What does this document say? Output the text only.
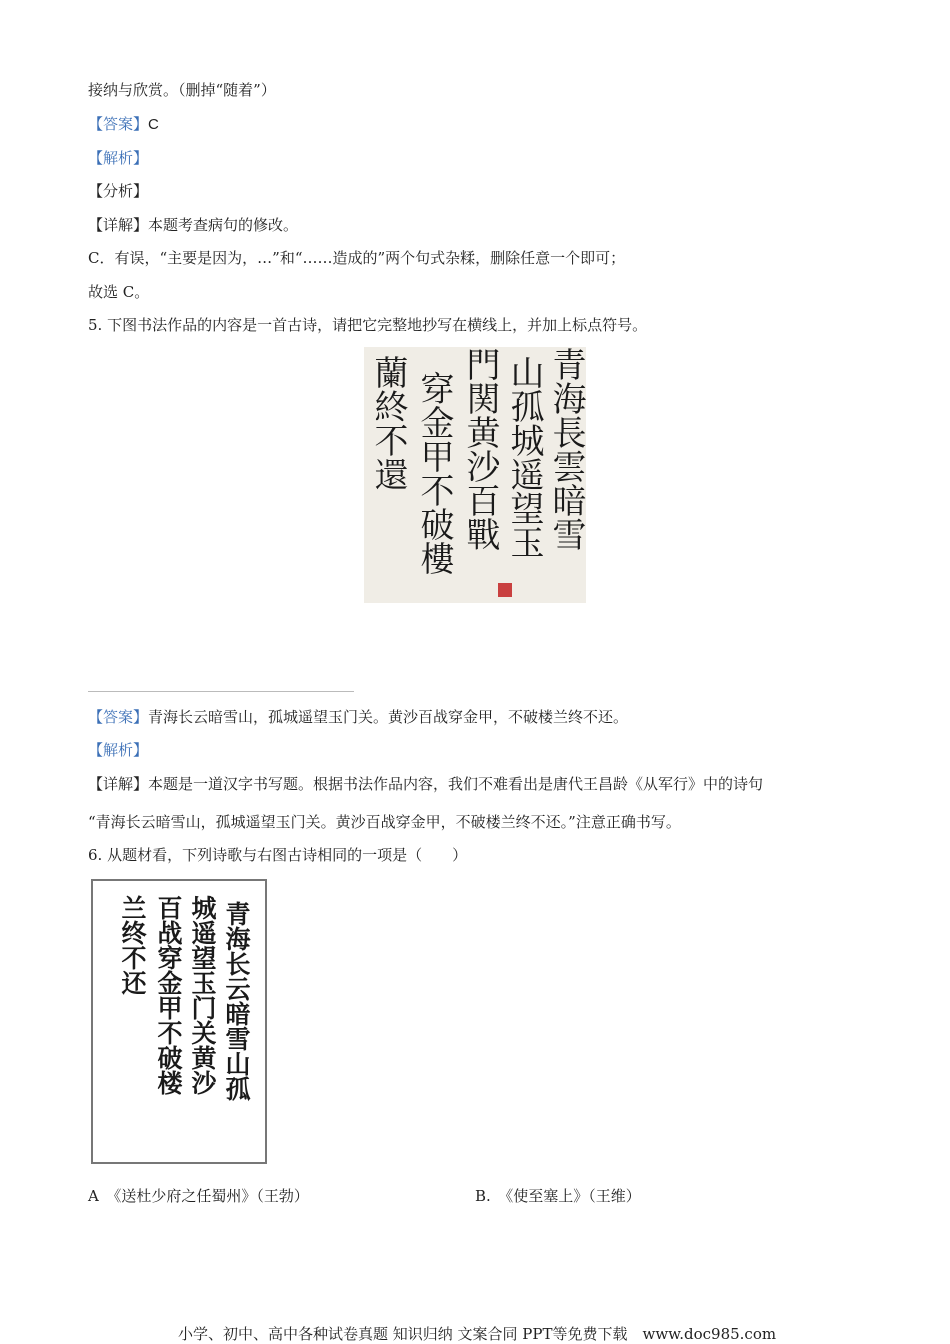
接纳与欣赏。（删掉“随着”）
【答案】C
【解析】
【分析】
【详解】本题考查病句的修改。
C．有误，“主要是因为，…”和“……造成的”两个句式杂糅，删除任意一个即可；
故选 C。
5. 下图书法作品的内容是一首古诗，请把它完整地抄写在横线上，并加上标点符号。
青海長雲暗雪
山孤城遥望玉
門関黄沙百戰
穿金甲不破樓
蘭終不還
【答案】青海长云暗雪山，孤城遥望玉门关。黄沙百战穿金甲，不破楼兰终不还。
【解析】
【详解】本题是一道汉字书写题。根据书法作品内容，我们不难看出是唐代王昌龄《从军行》中的诗句
“青海长云暗雪山，孤城遥望玉门关。黄沙百战穿金甲，不破楼兰终不还。”注意正确书写。
6. 从题材看，下列诗歌与右图古诗相同的一项是（　　）
青海长云暗雪山孤
城遥望玉门关黄沙
百战穿金甲不破楼
兰终不还
A　《送杜少府之任蜀州》（王勃）	B.　《使至塞上》（王维）
小学、初中、高中各种试卷真题 知识归纳 文案合同 PPT等免费下载　www.doc985.com
